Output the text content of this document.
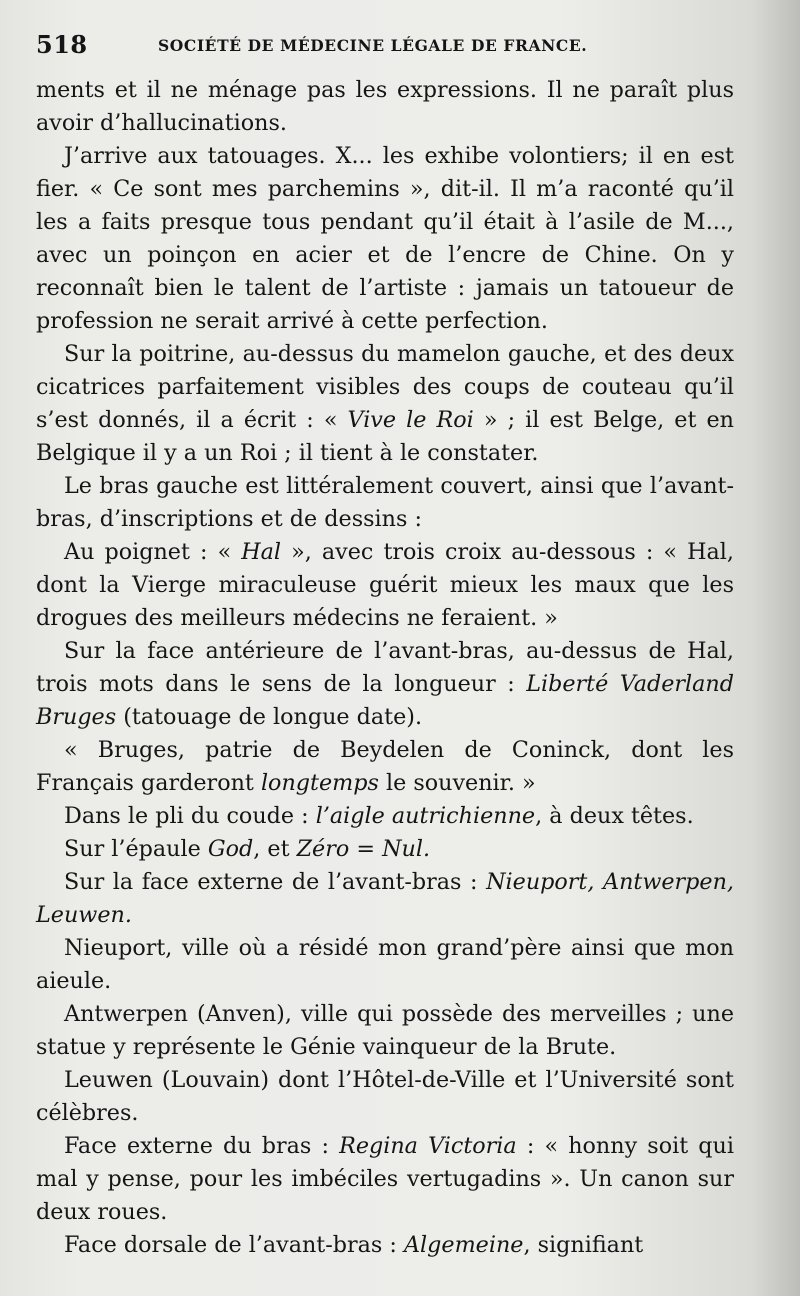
518	SOCIÉTÉ DE MÉDECINE LÉGALE DE FRANCE.

ments et il ne ménage pas les expressions. Il ne paraît plus avoir d’hallucinations.

J’arrive aux tatouages. X... les exhibe volontiers; il en est fier. « Ce sont mes parchemins », dit-il. Il m’a raconté qu’il les a faits presque tous pendant qu’il était à l’asile de M..., avec un poinçon en acier et de l’encre de Chine. On y reconnaît bien le talent de l’artiste : jamais un tatoueur de profession ne serait arrivé à cette perfection.

Sur la poitrine, au-dessus du mamelon gauche, et des deux cicatrices parfaitement visibles des coups de couteau qu’il s’est donnés, il a écrit : « Vive le Roi » ; il est Belge, et en Belgique il y a un Roi ; il tient à le constater.

Le bras gauche est littéralement couvert, ainsi que l’avant-bras, d’inscriptions et de dessins :

Au poignet : « Hal », avec trois croix au-dessous : « Hal, dont la Vierge miraculeuse guérit mieux les maux que les drogues des meilleurs médecins ne feraient. »

Sur la face antérieure de l’avant-bras, au-dessus de Hal, trois mots dans le sens de la longueur : Liberté Vaderland Bruges (tatouage de longue date).

« Bruges, patrie de Beydelen de Coninck, dont les Français garderont longtemps le souvenir. »

Dans le pli du coude : l’aigle autrichienne, à deux têtes.

Sur l’épaule God, et Zéro = Nul.

Sur la face externe de l’avant-bras : Nieuport, Antwerpen, Leuwen.

Nieuport, ville où a résidé mon grand’père ainsi que mon aieule.

Antwerpen (Anven), ville qui possède des merveilles ; une statue y représente le Génie vainqueur de la Brute.

Leuwen (Louvain) dont l’Hôtel-de-Ville et l’Université sont célèbres.

Face externe du bras : Regina Victoria : « honny soit qui mal y pense, pour les imbéciles vertugadins ». Un canon sur deux roues.

Face dorsale de l’avant-bras : Algemeine, signifiant
